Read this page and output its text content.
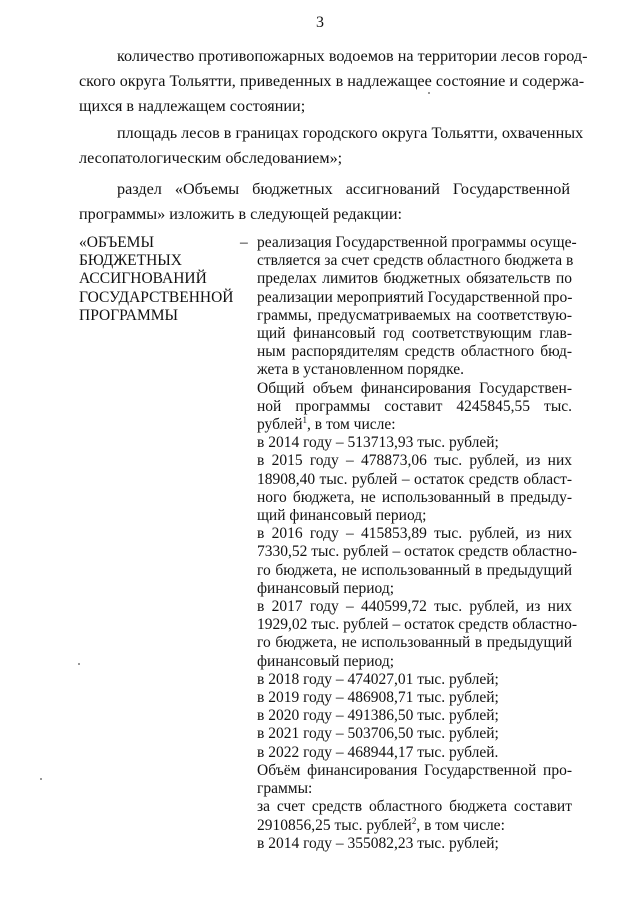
3
количество противопожарных водоемов на территории лесов город-
ского округа Тольятти, приведенных в надлежащее состояние и содержа-
щихся в надлежащем состоянии;
площадь лесов в границах городского округа Тольятти, охваченных
лесопатологическим обследованием»;
раздел «Объемы бюджетных ассигнований Государственной
программы» изложить в следующей редакции:
«ОБЪЕМЫ
БЮДЖЕТНЫХ
АССИГНОВАНИЙ
ГОСУДАРСТВЕННОЙ
ПРОГРАММЫ
– реализация Государственной программы осуще-
ствляется за счет средств областного бюджета в
пределах лимитов бюджетных обязательств по
реализации мероприятий Государственной про-
граммы, предусматриваемых на соответствую-
щий финансовый год соответствующим глав-
ным распорядителям средств областного бюд-
жета в установленном порядке.
Общий объем финансирования Государствен-
ной программы составит 4245845,55 тыс.
рублей$^1$, в том числе:
в 2014 году – 513713,93 тыс. рублей;
в 2015 году – 478873,06 тыс. рублей, из них
18908,40 тыс. рублей – остаток средств област-
ного бюджета, не использованный в предыду-
щий финансовый период;
в 2016 году – 415853,89 тыс. рублей, из них
7330,52 тыс. рублей – остаток средств областно-
го бюджета, не использованный в предыдущий
финансовый период;
в 2017 году – 440599,72 тыс. рублей, из них
1929,02 тыс. рублей – остаток средств областно-
го бюджета, не использованный в предыдущий
финансовый период;
в 2018 году – 474027,01 тыс. рублей;
в 2019 году – 486908,71 тыс. рублей;
в 2020 году – 491386,50 тыс. рублей;
в 2021 году – 503706,50 тыс. рублей;
в 2022 году – 468944,17 тыс. рублей.
Объём финансирования Государственной про-
граммы:
за счет средств областного бюджета составит
2910856,25 тыс. рублей$^2$, в том числе:
в 2014 году – 355082,23 тыс. рублей;
